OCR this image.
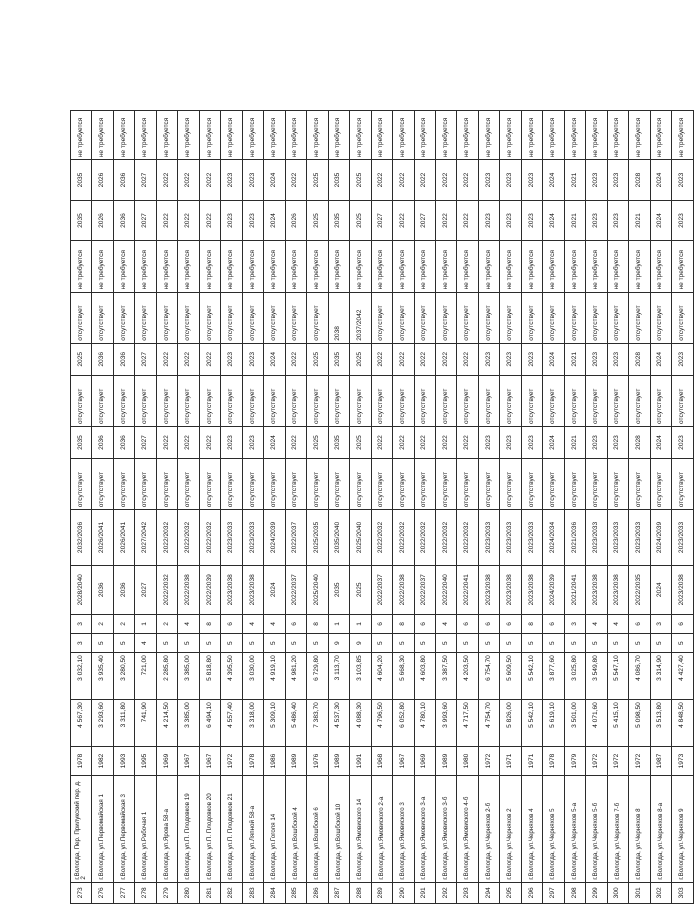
273	г.Вологда, Пер. Прилукский пер. д. 2	1978	4 567,30	3 032,10	3	3	2028/2040	2032/2036	отсутствует	2035	отсутствует	2025	отсутствует	не требуется	2035	2035	не требуется
276	г.Вологда, ул.Первомайская 1	1982	3 293,60	3 935,40	5	2	2036	2026/2041	отсутствует	2036	отсутствует	2036	отсутствует	не требуется	2026	2026	не требуется
277	г.Вологда, ул.Первомайская 3	1993	3 311,80	3 280,50	5	2	2036	2026/2041	отсутствует	2036	отсутствует	2036	отсутствует	не требуется	2036	2036	не требуется
278	г.Вологда, ул.Рабочая 1	1995	741,90	721,00	4	1	2027	2027/2042	отсутствует	2027	отсутствует	2027	отсутствует	не требуется	2027	2027	не требуется
279	г.Вологда, ул.Ярова 58-а	1969	4 214,50	2 285,80	5	2	2022/2032	2022/2032	отсутствует	2022	отсутствует	2022	отсутствует	не требуется	2022	2022	не требуется
280	г.Вологда, ул.П. Плодовков 19	1967	3 385,00	3 385,00	5	4	2022/2038	2022/2032	отсутствует	2022	отсутствует	2022	отсутствует	не требуется	2022	2022	не требуется
281	г.Вологда, ул.П. Плодовков 20	1967	6 494,10	5 818,80	5	8	2022/2039	2022/2032	отсутствует	2022	отсутствует	2022	отсутствует	не требуется	2022	2022	не требуется
282	г.Вологда, ул.П. Плодовков 21	1972	4 557,40	4 395,50	5	6	2023/2038	2023/2033	отсутствует	2023	отсутствует	2023	отсутствует	не требуется	2023	2023	не требуется
283	г.Вологда, ул.Ляпной 58-а	1978	3 318,00	3 030,00	5	4	2023/2038	2023/2033	отсутствует	2023	отсутствует	2023	отсутствует	не требуется	2023	2023	не требуется
284	г.Вологда, ул.Гоголя 14	1986	5 309,10	4 919,10	5	4	2024	2024/2039	отсутствует	2024	отсутствует	2024	отсутствует	не требуется	2024	2024	не требуется
285	г.Вологда, ул.Вошбской 4	1989	5 486,40	4 981,20	5	6	2022/2037	2022/2037	отсутствует	2022	отсутствует	2022	отсутствует	не требуется	2026	2022	не требуется
286	г.Вологда, ул.Вошбской 6	1976	7 383,70	6 729,80	5	8	2025/2040	2025/2035	отсутствует	2025	отсутствует	2025	отсутствует	не требуется	2025	2025	не требуется
287	г.Вологда, ул.Вошбской 10	1989	4 537,30	3 113,70	9	1	2035	2035/2040	отсутствует	2035	отсутствует	2035	2038	не требуется	2035	2035	не требуется
288	г.Вологда, ул.Ямовиского 14	1991	4 088,30	3 103,85	9	1	2025	2025/2040	отсутствует	2025	отсутствует	2025	2037/2042	не требуется	2025	2025	не требуется
289	г.Вологда, ул.Ямовиского 2-а	1968	4 796,50	4 604,20	5	6	2022/2037	2022/2032	отсутствует	2022	отсутствует	2022	отсутствует	не требуется	2027	2022	не требуется
290	г.Вологда, ул.Ямовиского 3	1967	6 052,80	5 668,30	5	8	2022/2038	2022/2032	отсутствует	2022	отсутствует	2022	отсутствует	не требуется	2022	2022	не требуется
291	г.Вологда, ул.Ямовиского 3-а	1969	4 780,10	4 603,80	5	6	2022/2037	2022/2032	отсутствует	2022	отсутствует	2022	отсутствует	не требуется	2027	2022	не требуется
292	г.Вологда, ул.Ямовиского 3-б	1989	3 993,60	3 387,50	5	4	2022/2040	2022/2032	отсутствует	2022	отсутствует	2022	отсутствует	не требуется	2022	2022	не требуется
293	г.Вологда, ул.Ямовиского 4-б	1980	4 717,50	4 203,50	5	6	2022/2041	2022/2032	отсутствует	2022	отсутствует	2022	отсутствует	не требуется	2022	2022	не требуется
294	г.Вологда, ул.Черняхов 2-б	1972	4 754,70	6 754,70	5	6	2023/2038	2023/2033	отсутствует	2023	отсутствует	2023	отсутствует	не требуется	2023	2023	не требуется
295	г.Вологда, ул.Черняхов 2	1971	5 826,00	5 609,50	5	6	2023/2038	2023/2033	отсутствует	2023	отсутствует	2023	отсутствует	не требуется	2023	2023	не требуется
296	г.Вологда, ул.Черняхов 4	1971	5 542,10	5 542,10	5	8	2023/2038	2023/2033	отсутствует	2023	отсутствует	2023	отсутствует	не требуется	2023	2023	не требуется
297	г.Вологда, ул.Черняхов 5	1978	5 619,10	3 877,60	5	6	2024/2039	2024/2034	отсутствует	2024	отсутствует	2024	отсутствует	не требуется	2024	2024	не требуется
298	г.Вологда, ул.Черняхов 5-а	1979	3 501,00	3 025,80	5	3	2021/2041	2021/2036	отсутствует	2021	отсутствует	2021	отсутствует	не требуется	2021	2021	не требуется
299	г.Вологда, ул.Черняхов 5-б	1972	4 071,60	3 549,80	5	4	2023/2038	2023/2033	отсутствует	2023	отсутствует	2023	отсутствует	не требуется	2023	2023	не требуется
300	г.Вологда, ул.Черняхов 7-б	1972	5 415,10	5 547,10	5	4	2023/2038	2023/2033	отсутствует	2023	отсутствует	2023	отсутствует	не требуется	2023	2023	не требуется
301	г.Вологда, ул.Черняхов 8	1972	5 098,50	4 086,70	5	6	2022/2035	2023/2033	отсутствует	2028	отсутствует	2028	отсутствует	не требуется	2021	2028	не требуется
302	г.Вологда, ул.Черняхов 8-а	1987	3 513,80	3 314,90	5	3	2024	2024/2039	отсутствует	2024	отсутствует	2024	отсутствует	не требуется	2024	2024	не требуется
303	г.Вологда, ул.Черняхов 9	1973	4 848,50	4 427,40	5	6	2023/2038	2023/2033	отсутствует	2023	отсутствует	2023	отсутствует	не требуется	2023	2023	не требуется
